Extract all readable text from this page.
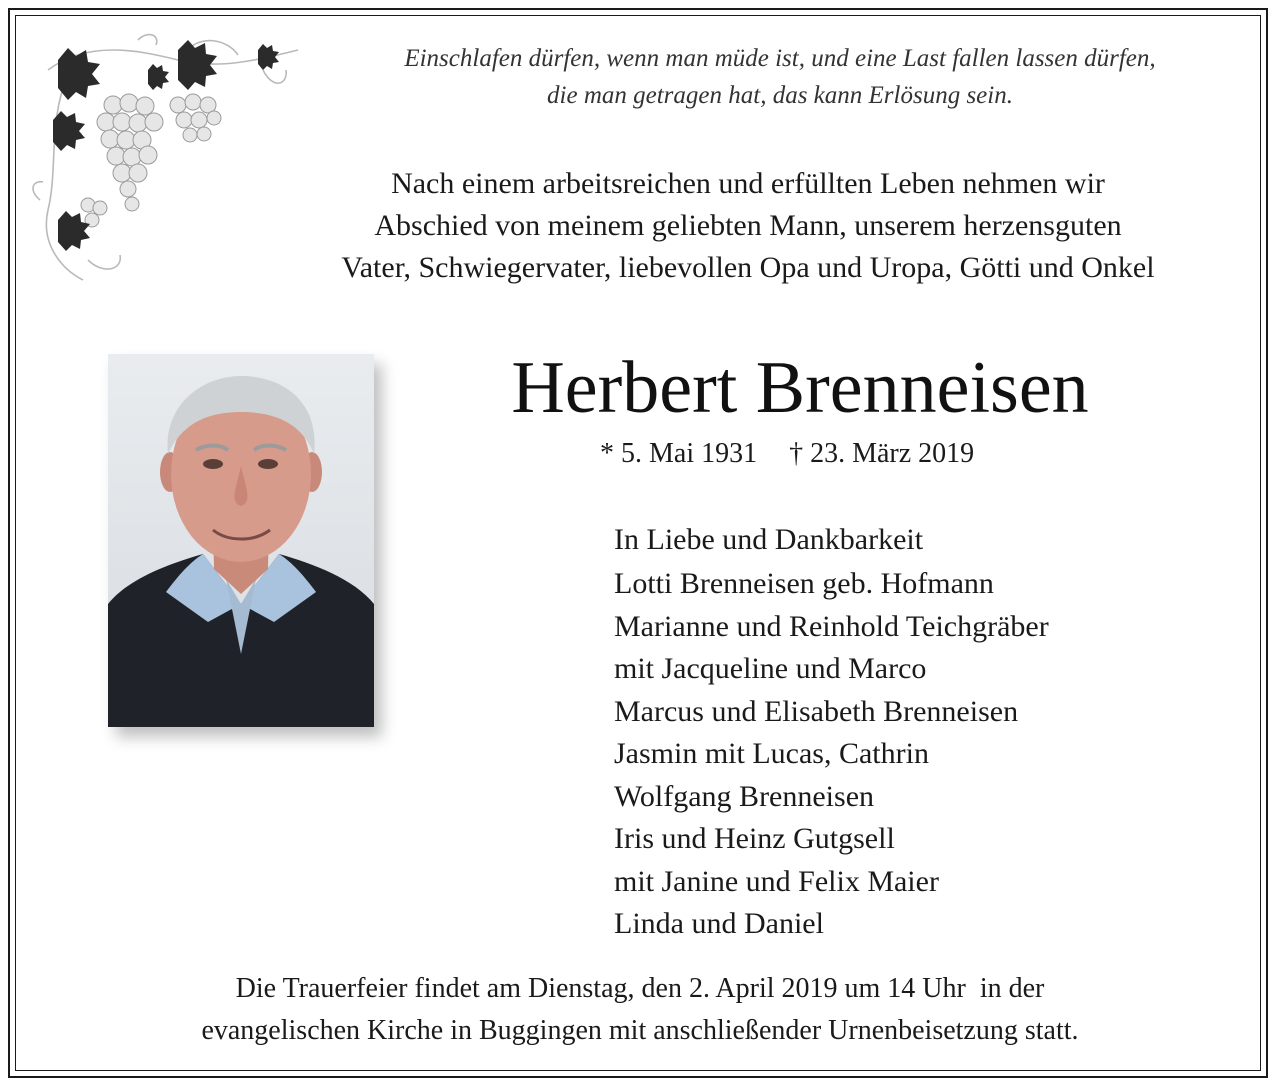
Einschlafen dürfen, wenn man müde ist, und eine Last fallen lassen dürfen,
die man getragen hat, das kann Erlösung sein.
Nach einem arbeitsreichen und erfüllten Leben nehmen wir
Abschied von meinem geliebten Mann, unserem herzensguten
Vater, Schwiegervater, liebevollen Opa und Uropa, Götti und Onkel
Herbert Brenneisen
* 5. Mai 1931 † 23. März 2019
In Liebe und Dankbarkeit
Lotti Brenneisen geb. Hofmann
Marianne und Reinhold Teichgräber
mit Jacqueline und Marco
Marcus und Elisabeth Brenneisen
Jasmin mit Lucas, Cathrin
Wolfgang Brenneisen
Iris und Heinz Gutgsell
mit Janine und Felix Maier
Linda und Daniel
Die Trauerfeier findet am Dienstag, den 2. April 2019 um 14 Uhr  in der
evangelischen Kirche in Buggingen mit anschließender Urnenbeisetzung statt.
